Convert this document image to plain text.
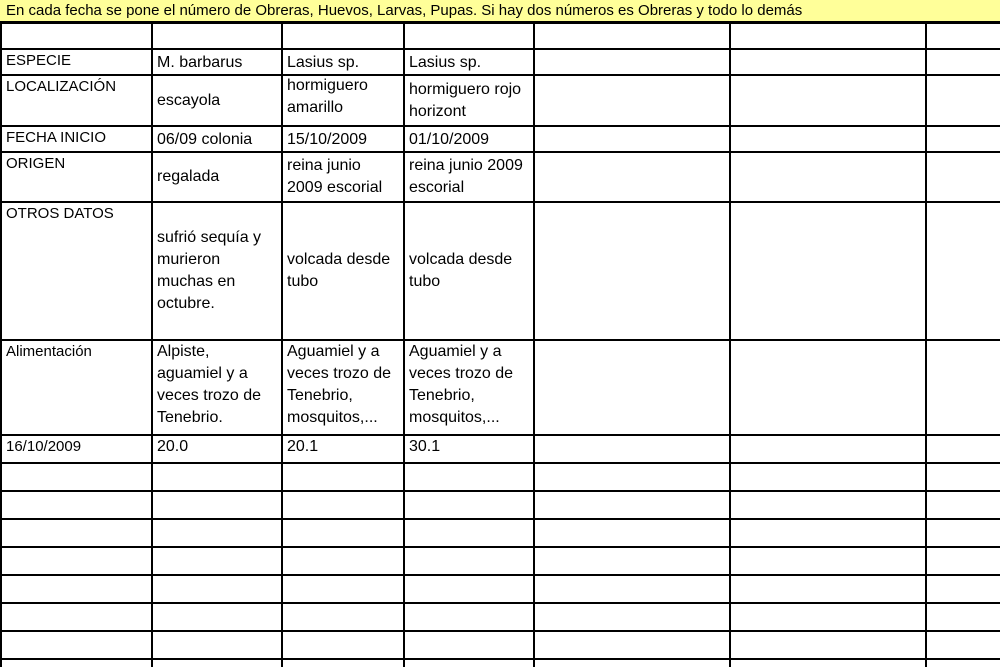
En cada fecha se pone el número de Obreras, Huevos, Larvas, Pupas. Si hay dos números es Obreras y todo lo demás

ESPECIE	M. barbarus	Lasius sp.	Lasius sp.			
LOCALIZACIÓN	escayola	hormiguero amarillo	hormiguero rojo horizont			
FECHA INICIO	06/09 colonia	15/10/2009	01/10/2009			
ORIGEN	regalada	reina junio 2009 escorial	reina junio 2009 escorial			
OTROS DATOS	sufrió sequía y murieron muchas en octubre.	volcada desde tubo	volcada desde tubo			
Alimentación	Alpiste, aguamiel y a veces trozo de Tenebrio.	Aguamiel y a veces trozo de Tenebrio, mosquitos,...	Aguamiel y a veces trozo de Tenebrio, mosquitos,...			
16/10/2009	20.0	20.1	30.1			
